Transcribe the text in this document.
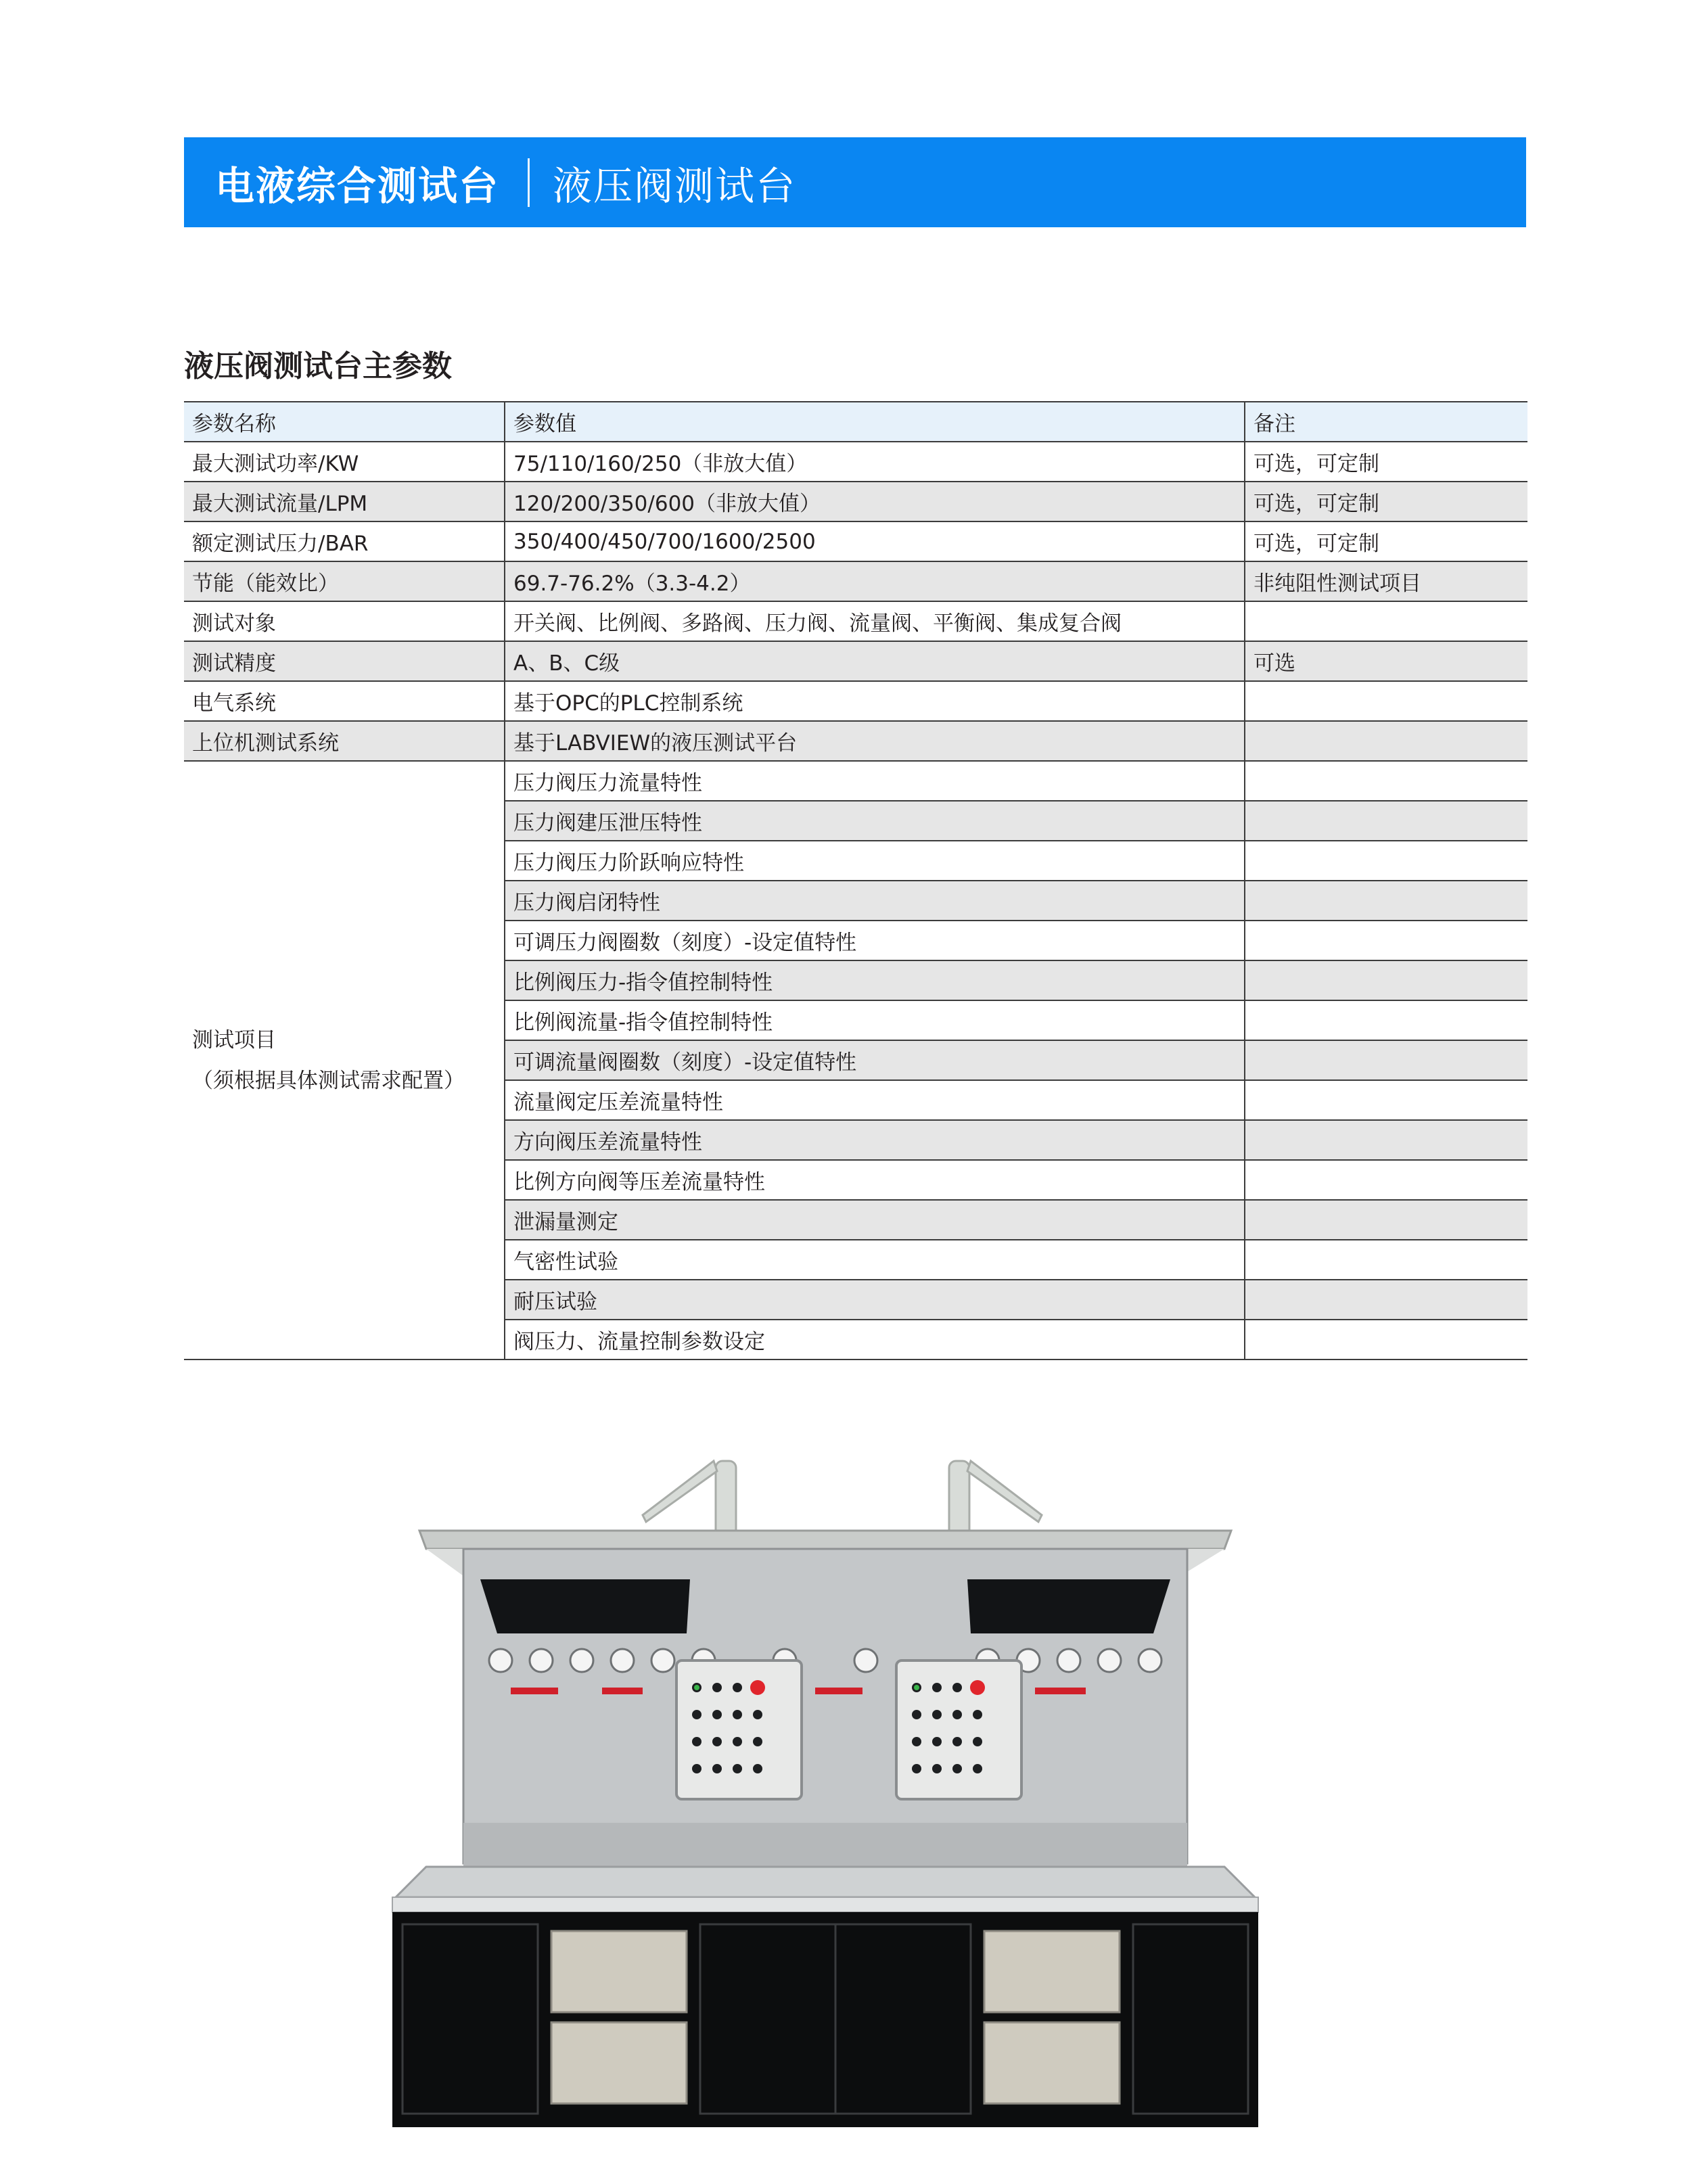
电液综合测试台 液压阀测试台
液压阀测试台主参数
参数名称	参数值	备注
最大测试功率/KW	75/110/160/250（非放大值）	可选，可定制
最大测试流量/LPM	120/200/350/600（非放大值）	可选，可定制
额定测试压力/BAR	350/400/450/700/1600/2500	可选，可定制
节能（能效比）	69.7-76.2%（3.3-4.2）	非纯阻性测试项目
测试对象	开关阀、比例阀、多路阀、压力阀、流量阀、平衡阀、集成复合阀	
测试精度	A、B、C级	可选
电气系统	基于OPC的PLC控制系统	
上位机测试系统	基于LABVIEW的液压测试平台	

测试项目
（须根据具体测试需求配置）	压力阀压力流量特性	
	压力阀建压泄压特性	
	压力阀压力阶跃响应特性	
	压力阀启闭特性	
	可调压力阀圈数（刻度）-设定值特性	
	比例阀压力-指令值控制特性	
	比例阀流量-指令值控制特性	
	可调流量阀圈数（刻度）-设定值特性	
	流量阀定压差流量特性	
	方向阀压差流量特性	
	比例方向阀等压差流量特性	
	泄漏量测定	
	气密性试验	
	耐压试验	
	阀压力、流量控制参数设定	
